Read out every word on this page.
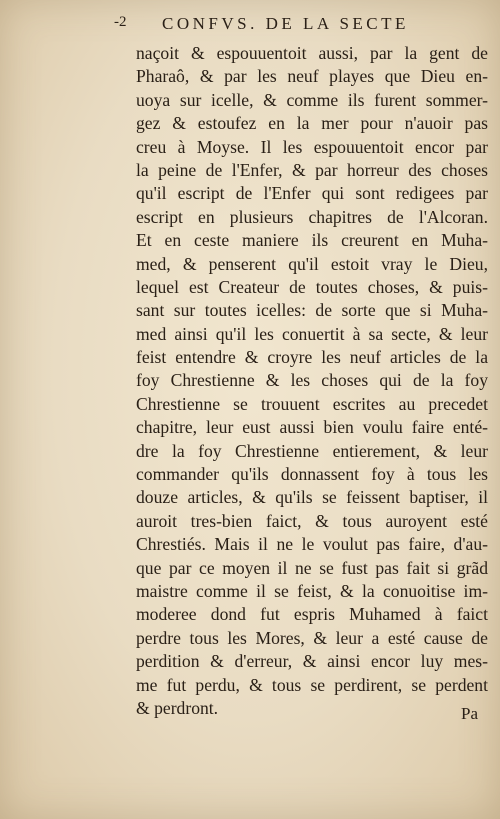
-2 CONFVS. DE LA SECTE
naçoit & espouuentoit aussi, par la gent de
Pharaô, & par les neuf playes que Dieu en-
uoya sur icelle, & comme ils furent sommer-
gez & estoufez en la mer pour n'auoir pas
creu à Moyse. Il les espouuentoit encor par
la peine de l'Enfer, & par horreur des choses
qu'il escript de l'Enfer qui sont redigees par
escript en plusieurs chapitres de l'Alcoran.
Et en ceste maniere ils creurent en Muha-
med, & penserent qu'il estoit vray le Dieu,
lequel est Createur de toutes choses, & puis-
sant sur toutes icelles: de sorte que si Muha-
med ainsi qu'il les conuertit à sa secte, & leur
feist entendre & croyre les neuf articles de la
foy Chrestienne & les choses qui de la foy
Chrestienne se trouuent escrites au precedet
chapitre, leur eust aussi bien voulu faire enté-
dre la foy Chrestienne entierement, & leur
commander qu'ils donnassent foy à tous les
douze articles, & qu'ils se feissent baptiser, il
auroit tres-bien faict, & tous auroyent esté
Chrestiés. Mais il ne le voulut pas faire, d'au-
que par ce moyen il ne se fust pas fait si grãd
maistre comme il se feist, & la conuoitise im-
moderee dond fut espris Muhamed à faict
perdre tous les Mores, & leur a esté cause de
perdition & d'erreur, & ainsi encor luy mes-
me fut perdu, & tous se perdirent, se perdent
& perdront.	Pa
